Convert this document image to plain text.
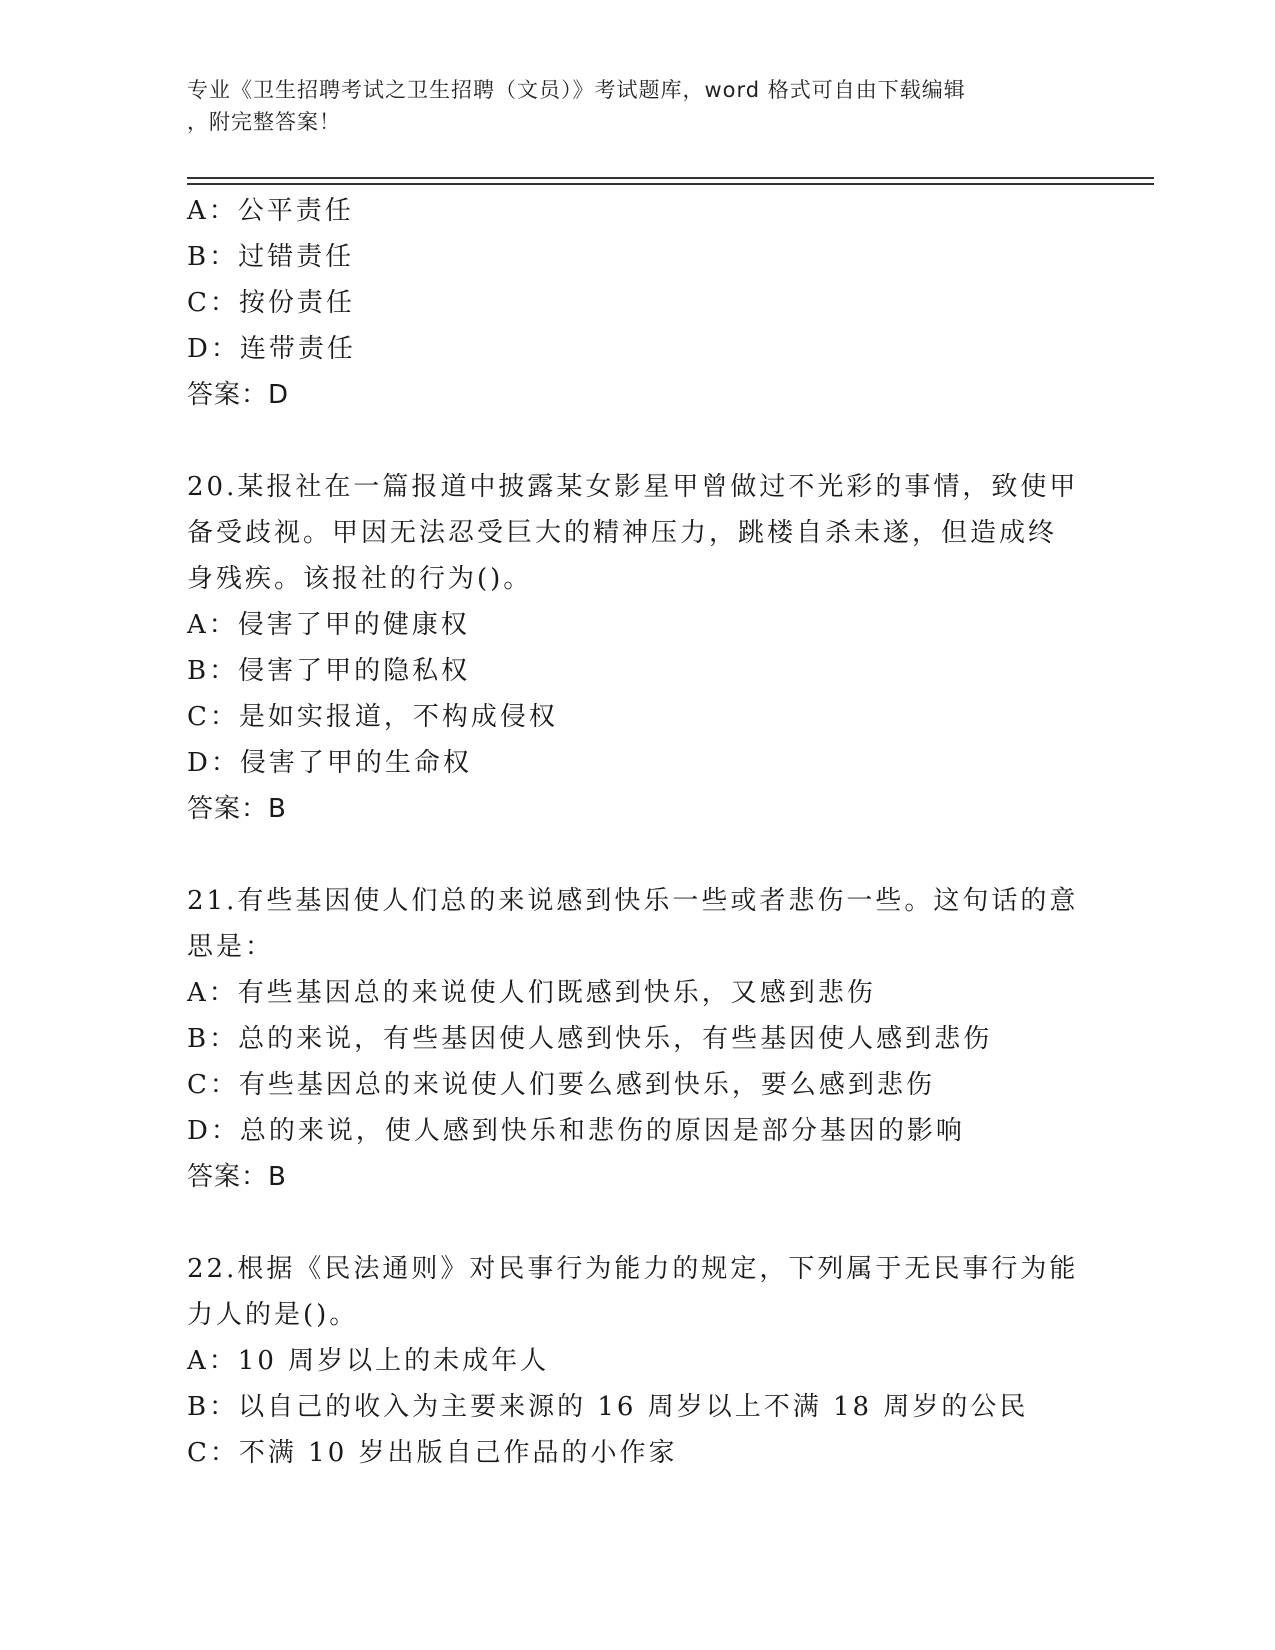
专业《卫生招聘考试之卫生招聘（文员）》考试题库，word 格式可自由下载编辑
，附完整答案！
A：公平责任
B：过错责任
C：按份责任
D：连带责任
答案：D
20.某报社在一篇报道中披露某女影星甲曾做过不光彩的事情，致使甲
备受歧视。甲因无法忍受巨大的精神压力，跳楼自杀未遂，但造成终
身残疾。该报社的行为()。
A：侵害了甲的健康权
B：侵害了甲的隐私权
C：是如实报道，不构成侵权
D：侵害了甲的生命权
答案：B
21.有些基因使人们总的来说感到快乐一些或者悲伤一些。这句话的意
思是：
A：有些基因总的来说使人们既感到快乐，又感到悲伤
B：总的来说，有些基因使人感到快乐，有些基因使人感到悲伤
C：有些基因总的来说使人们要么感到快乐，要么感到悲伤
D：总的来说，使人感到快乐和悲伤的原因是部分基因的影响
答案：B
22.根据《民法通则》对民事行为能力的规定，下列属于无民事行为能
力人的是()。
A：10 周岁以上的未成年人
B：以自己的收入为主要来源的 16 周岁以上不满 18 周岁的公民
C：不满 10 岁出版自己作品的小作家
